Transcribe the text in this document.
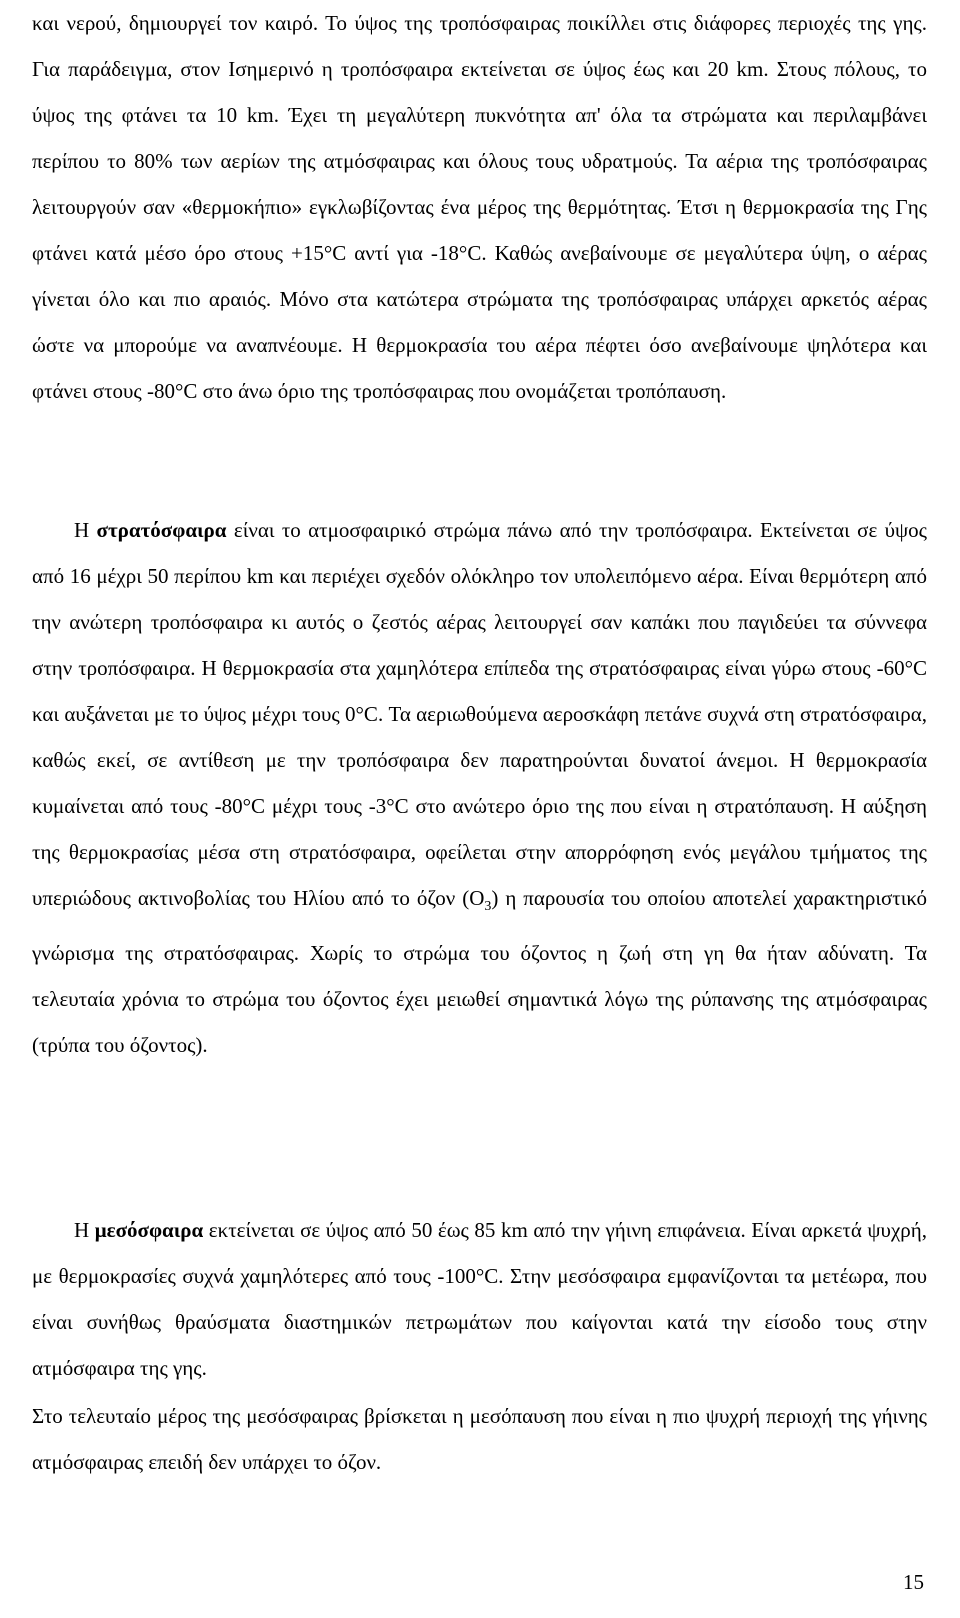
και νερού, δημιουργεί τον καιρό. Το ύψος της τροπόσφαιρας ποικίλλει στις διάφορες περιοχές της γης. Για παράδειγμα, στον Ισημερινό η τροπόσφαιρα εκτείνεται σε ύψος έως και 20 km. Στους πόλους, το ύψος της φτάνει τα 10 km. Έχει τη μεγαλύτερη πυκνότητα απ' όλα τα στρώματα και περιλαμβάνει περίπου το 80% των αερίων της ατμόσφαιρας και όλους τους υδρατμούς. Τα αέρια της τροπόσφαιρας λειτουργούν σαν «θερμοκήπιο» εγκλωβίζοντας ένα μέρος της θερμότητας. Έτσι η θερμοκρασία της Γης φτάνει κατά μέσο όρο στους +15°C αντί για -18°C. Καθώς ανεβαίνουμε σε μεγαλύτερα ύψη, ο αέρας γίνεται όλο και πιο αραιός. Μόνο στα κατώτερα στρώματα της τροπόσφαιρας υπάρχει αρκετός αέρας ώστε να μπορούμε να αναπνέουμε. Η θερμοκρασία του αέρα πέφτει όσο ανεβαίνουμε ψηλότερα και φτάνει στους -80°C στο άνω όριο της τροπόσφαιρας που ονομάζεται τροπόπαυση.

Η στρατόσφαιρα είναι το ατμοσφαιρικό στρώμα πάνω από την τροπόσφαιρα. Εκτείνεται σε ύψος από 16 μέχρι 50 περίπου km και περιέχει σχεδόν ολόκληρο τον υπολειπόμενο αέρα. Είναι θερμότερη από την ανώτερη τροπόσφαιρα κι αυτός ο ζεστός αέρας λειτουργεί σαν καπάκι που παγιδεύει τα σύννεφα στην τροπόσφαιρα. Η θερμοκρασία στα χαμηλότερα επίπεδα της στρατόσφαιρας είναι γύρω στους -60°C και αυξάνεται με το ύψος μέχρι τους 0°C. Τα αεριωθούμενα αεροσκάφη πετάνε συχνά στη στρατόσφαιρα, καθώς εκεί, σε αντίθεση με την τροπόσφαιρα δεν παρατηρούνται δυνατοί άνεμοι. Η θερμοκρασία κυμαίνεται από τους -80°C μέχρι τους -3°C στο ανώτερο όριο της που είναι η στρατόπαυση. Η αύξηση της θερμοκρασίας μέσα στη στρατόσφαιρα, οφείλεται στην απορρόφηση ενός μεγάλου τμήματος της υπεριώδους ακτινοβολίας του Ηλίου από το όζον $(O_3)$ η παρουσία του οποίου αποτελεί χαρακτηριστικό γνώρισμα της στρατόσφαιρας. Χωρίς το στρώμα του όζοντος η ζωή στη γη θα ήταν αδύνατη. Τα τελευταία χρόνια το στρώμα του όζοντος έχει μειωθεί σημαντικά λόγω της ρύπανσης της ατμόσφαιρας (τρύπα του όζοντος).

Η μεσόσφαιρα εκτείνεται σε ύψος από 50 έως 85 km από την γήινη επιφάνεια. Είναι αρκετά ψυχρή, με θερμοκρασίες συχνά χαμηλότερες από τους -100°C. Στην μεσόσφαιρα εμφανίζονται τα μετέωρα, που είναι συνήθως θραύσματα διαστημικών πετρωμάτων που καίγονται κατά την είσοδο τους στην ατμόσφαιρα της γης.

Στο τελευταίο μέρος της μεσόσφαιρας βρίσκεται η μεσόπαυση που είναι η πιο ψυχρή περιοχή της γήινης ατμόσφαιρας επειδή δεν υπάρχει το όζον.

15
